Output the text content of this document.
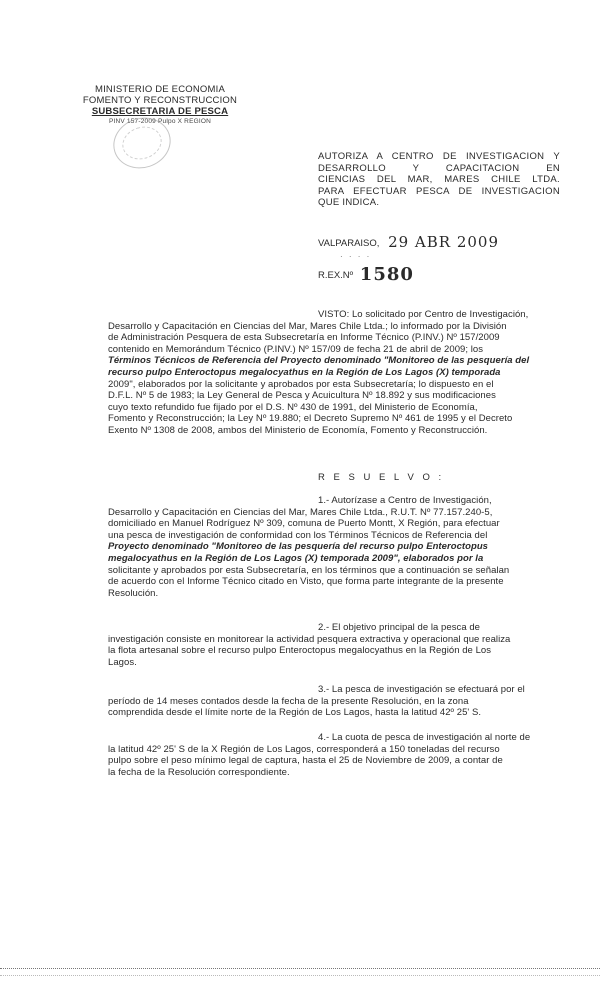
MINISTERIO DE ECONOMIA
FOMENTO Y RECONSTRUCCION
SUBSECRETARIA DE PESCA
PINV 157-2009 Pulpo X REGION
AUTORIZA A CENTRO DE INVESTIGACION Y
DESARROLLO Y CAPACITACION EN
CIENCIAS DEL MAR, MARES CHILE LTDA.
PARA EFECTUAR PESCA DE INVESTIGACION
QUE INDICA.
VALPARAISO, 29 ABR 2009
· · · ·
R.EX.Nº 1580
VISTO: Lo solicitado por Centro de Investigación,
Desarrollo y Capacitación en Ciencias del Mar, Mares Chile Ltda.; lo informado por la División
de Administración Pesquera de esta Subsecretaría en Informe Técnico (P.INV.) Nº 157/2009
contenido en Memorándum Técnico (P.INV.) Nº 157/09 de fecha 21 de abril de 2009; los
Términos Técnicos de Referencia del Proyecto denominado "Monitoreo de las pesquería del
recurso pulpo Enteroctopus megalocyathus en la Región de Los Lagos (X) temporada
2009", elaborados por la solicitante y aprobados por esta Subsecretaría; lo dispuesto en el
D.F.L. Nº 5 de 1983; la Ley General de Pesca y Acuicultura Nº 18.892 y sus modificaciones
cuyo texto refundido fue fijado por el D.S. Nº 430 de 1991, del Ministerio de Economía,
Fomento y Reconstrucción; la Ley Nº 19.880; el Decreto Supremo Nº 461 de 1995 y el Decreto
Exento Nº 1308 de 2008, ambos del Ministerio de Economía, Fomento y Reconstrucción.
R E S U E L V O :
1.- Autorízase a Centro de Investigación,
Desarrollo y Capacitación en Ciencias del Mar, Mares Chile Ltda., R.U.T. Nº 77.157.240-5,
domiciliado en Manuel Rodríguez Nº 309, comuna de Puerto Montt, X Región, para efectuar
una pesca de investigación de conformidad con los Términos Técnicos de Referencia del
Proyecto denominado "Monitoreo de las pesquería del recurso pulpo Enteroctopus
megalocyathus en la Región de Los Lagos (X) temporada 2009", elaborados por la
solicitante y aprobados por esta Subsecretaría, en los términos que a continuación se señalan
de acuerdo con el Informe Técnico citado en Visto, que forma parte integrante de la presente
Resolución.
2.- El objetivo principal de la pesca de
investigación consiste en monitorear la actividad pesquera extractiva y operacional que realiza
la flota artesanal sobre el recurso pulpo Enteroctopus megalocyathus en la Región de Los
Lagos.
3.- La pesca de investigación se efectuará por el
período de 14 meses contados desde la fecha de la presente Resolución, en la zona
comprendida desde el límite norte de la Región de Los Lagos, hasta la latitud 42º 25' S.
4.- La cuota de pesca de investigación al norte de
la latitud 42º 25' S de la X Región de Los Lagos, corresponderá a 150 toneladas del recurso
pulpo sobre el peso mínimo legal de captura, hasta el 25 de Noviembre de 2009, a contar de
la fecha de la Resolución correspondiente.
